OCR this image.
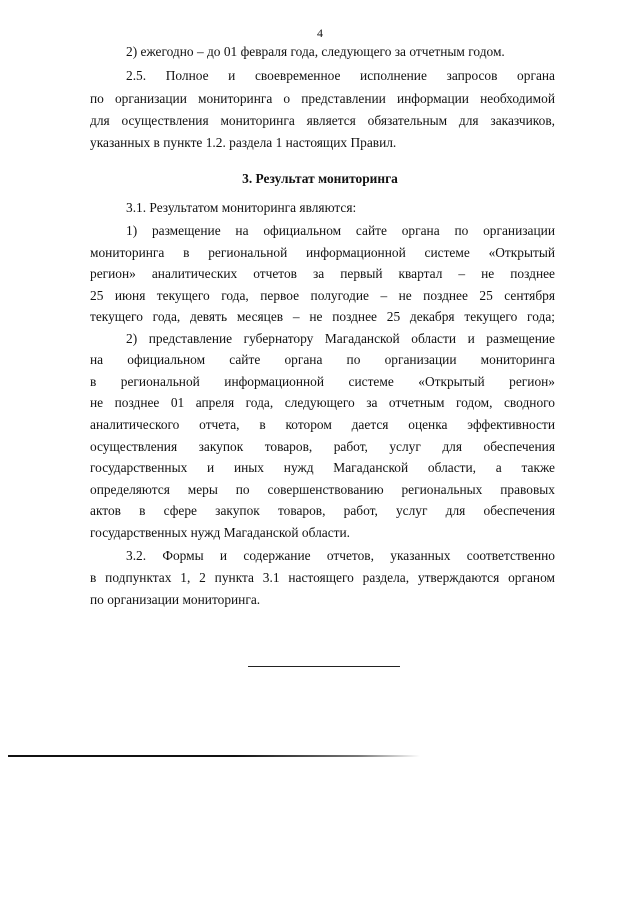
4
2) ежегодно – до 01 февраля года, следующего за отчетным годом.
2.5. Полное и своевременное исполнение запросов органа
по организации мониторинга о представлении информации необходимой
для осуществления мониторинга является обязательным для заказчиков,
указанных в пункте 1.2. раздела 1 настоящих Правил.
3. Результат мониторинга
3.1. Результатом мониторинга являются:
1) размещение на официальном сайте органа по организации
мониторинга в региональной информационной системе «Открытый
регион» аналитических отчетов за первый квартал – не позднее
25 июня текущего года, первое полугодие – не позднее 25 сентября
текущего года, девять месяцев – не позднее 25 декабря текущего года;
2) представление губернатору Магаданской области и размещение
на официальном сайте органа по организации мониторинга
в региональной информационной системе «Открытый регион»
не позднее 01 апреля года, следующего за отчетным годом, сводного
аналитического отчета, в котором дается оценка эффективности
осуществления закупок товаров, работ, услуг для обеспечения
государственных и иных нужд Магаданской области, а также
определяются меры по совершенствованию региональных правовых
актов в сфере закупок товаров, работ, услуг для обеспечения
государственных нужд Магаданской области.
3.2. Формы и содержание отчетов, указанных соответственно
в подпунктах 1, 2 пункта 3.1 настоящего раздела, утверждаются органом
по организации мониторинга.
